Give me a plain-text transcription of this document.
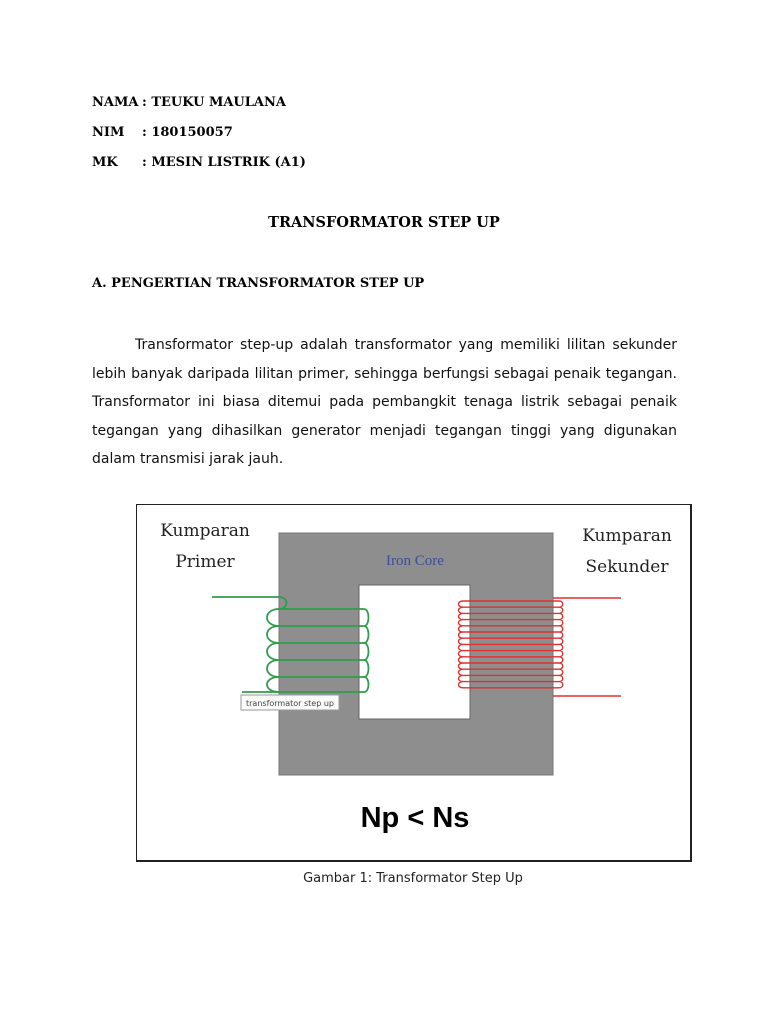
NAMA : TEUKU MAULANA
NIM : 180150057
MK : MESIN LISTRIK (A1)
TRANSFORMATOR STEP UP
A. PENGERTIAN TRANSFORMATOR STEP UP
Transformator step-up adalah transformator yang memiliki lilitan sekunder lebih banyak daripada lilitan primer, sehingga berfungsi sebagai penaik tegangan. Transformator ini biasa ditemui pada pembangkit tenaga listrik sebagai penaik tegangan yang dihasilkan generator menjadi tegangan tinggi yang digunakan dalam transmisi jarak jauh.
Iron Core
Kumparan
Primer
Kumparan
Sekunder
transformator step up
Np < Ns
Gambar 1: Transformator Step Up
